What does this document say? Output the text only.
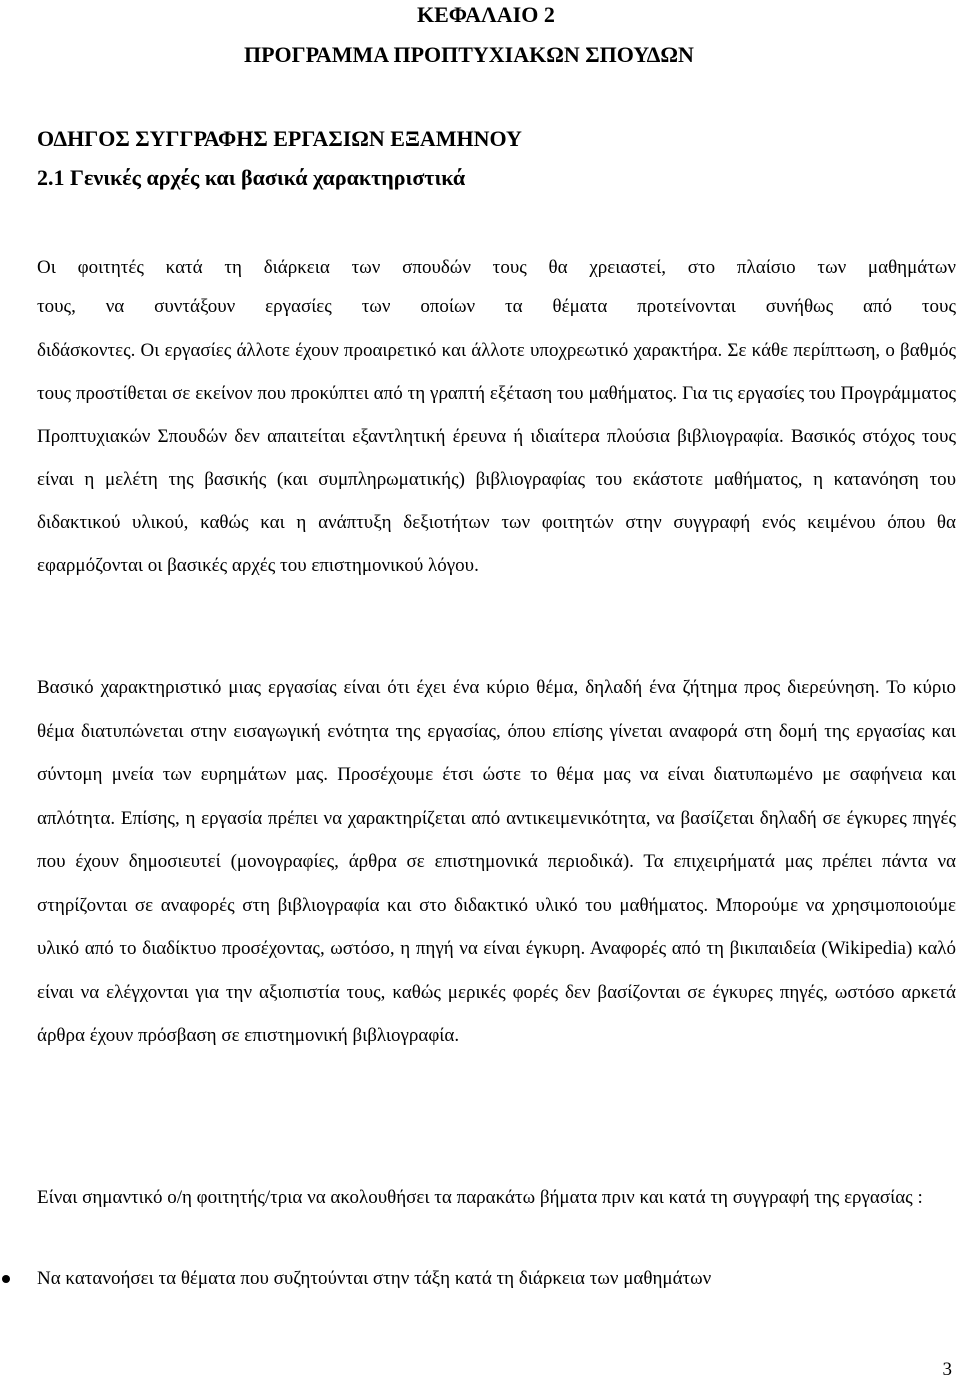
ΚΕΦΑΛΑΙΟ 2
ΠΡΟΓΡΑΜΜΑ ΠΡΟΠΤΥΧΙΑΚΩΝ ΣΠΟΥΔΩΝ
ΟΔΗΓΟΣ ΣΥΓΓΡΑΦΗΣ ΕΡΓΑΣΙΩΝ ΕΞΑΜΗΝΟΥ
2.1 Γενικές αρχές και βασικά χαρακτηριστικά
Οι φοιτητές κατά τη διάρκεια των σπουδών τους θα χρειαστεί, στο πλαίσιο των μαθημάτων
τους, να συντάξουν εργασίες των οποίων τα θέματα προτείνονται συνήθως από τους
διδάσκοντες. Οι εργασίες άλλοτε έχουν προαιρετικό και άλλοτε υποχρεωτικό χαρακτήρα. Σε κάθε περίπτωση, ο βαθμός τους προστίθεται σε εκείνον που προκύπτει από τη γραπτή εξέταση του μαθήματος. Για τις εργασίες του Προγράμματος Προπτυχιακών Σπουδών δεν απαιτείται εξαντλητική έρευνα ή ιδιαίτερα πλούσια βιβλιογραφία. Βασικός στόχος τους είναι η μελέτη της βασικής (και συμπληρωματικής) βιβλιογραφίας του εκάστοτε μαθήματος, η κατανόηση του διδακτικού υλικού, καθώς και η ανάπτυξη δεξιοτήτων των φοιτητών στην συγγραφή ενός κειμένου όπου θα εφαρμόζονται οι βασικές αρχές του επιστημονικού λόγου.
Βασικό χαρακτηριστικό μιας εργασίας είναι ότι έχει ένα κύριο θέμα, δηλαδή ένα ζήτημα προς διερεύνηση. Το κύριο θέμα διατυπώνεται στην εισαγωγική ενότητα της εργασίας, όπου επίσης γίνεται αναφορά στη δομή της εργασίας και σύντομη μνεία των ευρημάτων μας. Προσέχουμε έτσι ώστε το θέμα μας να είναι διατυπωμένο με σαφήνεια και απλότητα. Επίσης, η εργασία πρέπει να χαρακτηρίζεται από αντικειμενικότητα, να βασίζεται δηλαδή σε έγκυρες πηγές που έχουν δημοσιευτεί (μονογραφίες, άρθρα σε επιστημονικά περιοδικά). Τα επιχειρήματά μας πρέπει πάντα να στηρίζονται σε αναφορές στη βιβλιογραφία και στο διδακτικό υλικό του μαθήματος. Μπορούμε να χρησιμοποιούμε υλικό από το διαδίκτυο προσέχοντας, ωστόσο, η πηγή να είναι έγκυρη. Αναφορές από τη βικιπαιδεία (Wikipedia) καλό είναι να ελέγχονται για την αξιοπιστία τους, καθώς μερικές φορές δεν βασίζονται σε έγκυρες πηγές, ωστόσο αρκετά άρθρα έχουν πρόσβαση σε επιστημονική βιβλιογραφία.
Είναι σημαντικό ο/η φοιτητής/τρια να ακολουθήσει τα παρακάτω βήματα πριν και κατά τη συγγραφή της εργασίας :
Να κατανοήσει τα θέματα που συζητούνται στην τάξη κατά τη διάρκεια των μαθημάτων
3
